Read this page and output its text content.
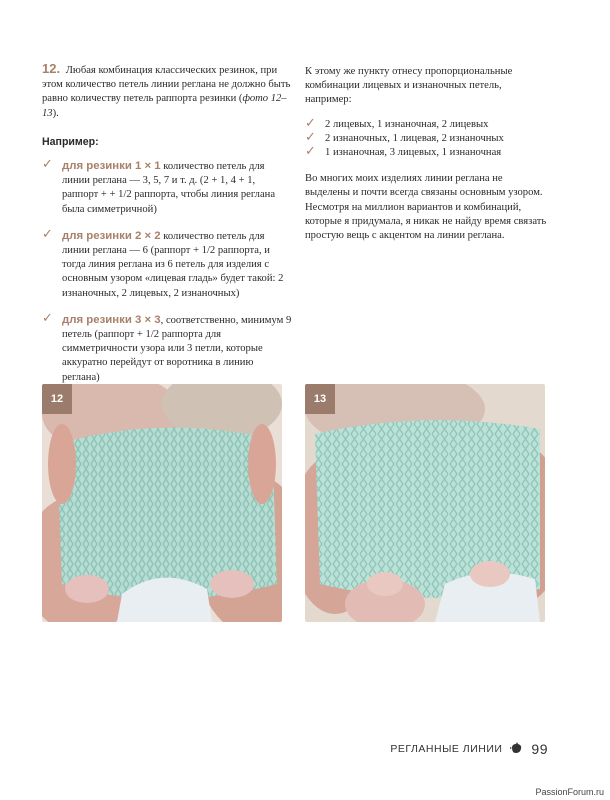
12. Любая комбинация классических резинок, при этом количество петель линии реглана не должно быть равно количеству петель раппорта резинки (фото 12–13).

Например:
✓ для резинки 1 × 1 количество петель для линии реглана — 3, 5, 7 и т. д. (2 + 1, 4 + 1, раппорт + + 1/2 раппорта, чтобы линия реглана была симметричной)
✓ для резинки 2 × 2 количество петель для линии реглана — 6 (раппорт + 1/2 раппорта, и тогда линия реглана из 6 петель для изделия с основным узором «лицевая гладь» будет такой: 2 изнаночных, 2 лицевых, 2 изнаночных)
✓ для резинки 3 × 3, соответственно, минимум 9 петель (раппорт + 1/2 раппорта для симметричности узора или 3 петли, которые аккуратно перейдут от воротника в линию реглана)

К этому же пункту отнесу пропорциональные комбинации лицевых и изнаночных петель, например:

✓ 2 лицевых, 1 изнаночная, 2 лицевых
✓ 2 изнаночных, 1 лицевая, 2 изнаночных
✓ 1 изнаночная, 3 лицевых, 1 изнаночная

Во многих моих изделиях линии реглана не выделены и почти всегда связаны основным узором. Несмотря на миллион вариантов и комбинаций, которые я придумала, я никак не найду время связать простую вещь с акцентом на линии реглана.

12	13
РЕГЛАННЫЕ ЛИНИИ 99
PassionForum.ru
